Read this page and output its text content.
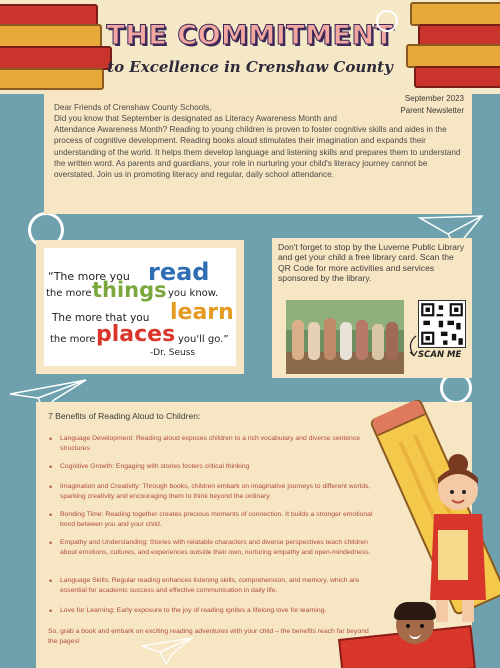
THE COMMITMENT
to Excellence in Crenshaw County
September 2023
Parent Newsletter
Dear Friends of Crenshaw County Schools,
Did you know that September is designated as Literacy Awareness Month and
Attendance Awareness Month? Reading to young children is proven to foster cognitive skills and aides in the process of cognitive development. Reading books aloud stimulates their imagination and expands their understanding of the world. It helps them develop language and listening skills and prepares them to understand the written word. As parents and guardians, your role in nurturing your child's literacy journey cannot be overstated. Join us in promoting literacy and regular, daily school attendance.
“The more you read
the more things you know.
The more that you learn
the more places you'll go.”
-Dr. Seuss
Don't forget to stop by the Luverne Public Library and get your child a free library card. Scan the QR Code for more activities and services sponsored by the library.
SCAN ME
7 Benefits of Reading Aloud to Children:
• Language Development: Reading aloud exposes children to a rich vocabulary and diverse sentence structures
• Cognitive Growth: Engaging with stories fosters critical thinking
• Imagination and Creativity: Through books, children embark on imaginative journeys to different worlds, sparking creativity and encouraging them to think beyond the ordinary.
• Bonding Time: Reading together creates precious moments of connection. It builds a stronger emotional bond between you and your child.
• Empathy and Understanding: Stories with relatable characters and diverse perspectives teach children about emotions, cultures, and experiences outside their own, nurturing empathy and open-mindedness.
• Language Skills: Regular reading enhances listening skills, comprehension, and memory, which are essential for academic success and effective communication in daily life.
• Love for Learning: Early exposure to the joy of reading ignites a lifelong love for learning.
So, grab a book and embark on exciting reading adventures with your child – the benefits reach far beyond the pages!
